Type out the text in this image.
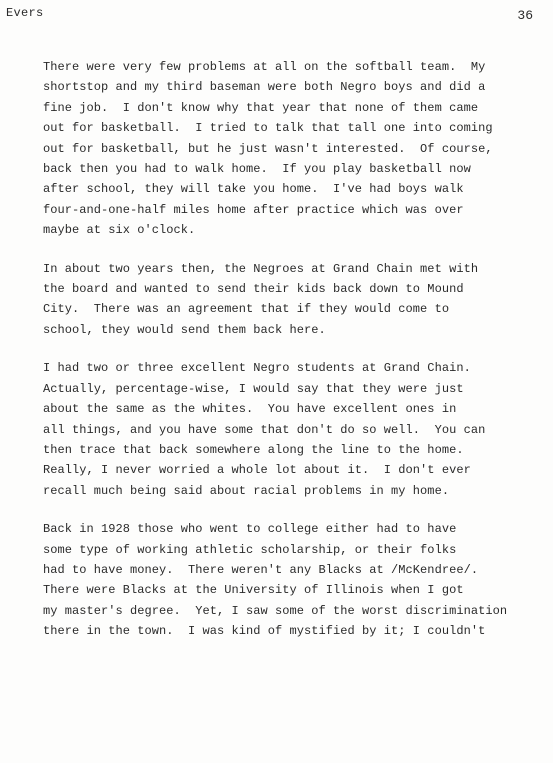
Evers	36
There were very few problems at all on the softball team.  My
shortstop and my third baseman were both Negro boys and did a
fine job.  I don't know why that year that none of them came
out for basketball.  I tried to talk that tall one into coming
out for basketball, but he just wasn't interested.  Of course,
back then you had to walk home.  If you play basketball now
after school, they will take you home.  I've had boys walk
four-and-one-half miles home after practice which was over
maybe at six o'clock.
In about two years then, the Negroes at Grand Chain met with
the board and wanted to send their kids back down to Mound
City.  There was an agreement that if they would come to
school, they would send them back here.
I had two or three excellent Negro students at Grand Chain.
Actually, percentage-wise, I would say that they were just
about the same as the whites.  You have excellent ones in
all things, and you have some that don't do so well.  You can
then trace that back somewhere along the line to the home.
Really, I never worried a whole lot about it.  I don't ever
recall much being said about racial problems in my home.
Back in 1928 those who went to college either had to have
some type of working athletic scholarship, or their folks
had to have money.  There weren't any Blacks at /McKendree/.
There were Blacks at the University of Illinois when I got
my master's degree.  Yet, I saw some of the worst discrimination
there in the town.  I was kind of mystified by it; I couldn't
